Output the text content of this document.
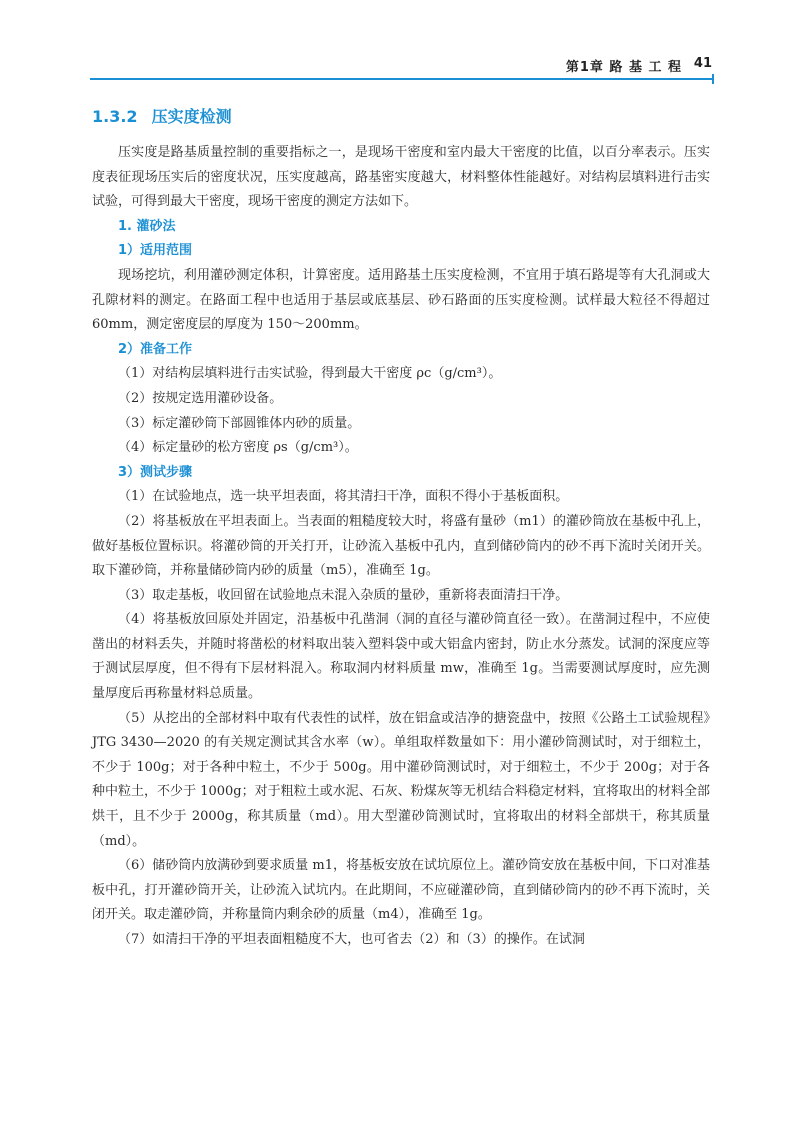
第1章 路 基 工 程 41
1.3.2 压实度检测

压实度是路基质量控制的重要指标之一，是现场干密度和室内最大干密度的比值，以百分率表示。压实度表征现场压实后的密度状况，压实度越高，路基密实度越大，材料整体性能越好。对结构层填料进行击实试验，可得到最大干密度，现场干密度的测定方法如下。

1. 灌砂法
1）适用范围

现场挖坑，利用灌砂测定体积，计算密度。适用路基土压实度检测，不宜用于填石路堤等有大孔洞或大孔隙材料的测定。在路面工程中也适用于基层或底基层、砂石路面的压实度检测。试样最大粒径不得超过 60mm，测定密度层的厚度为 150～200mm。

2）准备工作

（1）对结构层填料进行击实试验，得到最大干密度 ρc（g/cm³）。

（2）按规定选用灌砂设备。

（3）标定灌砂筒下部圆锥体内砂的质量。

（4）标定量砂的松方密度 ρs（g/cm³）。

3）测试步骤

（1）在试验地点，选一块平坦表面，将其清扫干净，面积不得小于基板面积。

（2）将基板放在平坦表面上。当表面的粗糙度较大时，将盛有量砂（m1）的灌砂筒放在基板中孔上，做好基板位置标识。将灌砂筒的开关打开，让砂流入基板中孔内，直到储砂筒内的砂不再下流时关闭开关。取下灌砂筒，并称量储砂筒内砂的质量（m5），准确至 1g。

（3）取走基板，收回留在试验地点未混入杂质的量砂，重新将表面清扫干净。

（4）将基板放回原处并固定，沿基板中孔凿洞（洞的直径与灌砂筒直径一致）。在凿洞过程中，不应使凿出的材料丢失，并随时将凿松的材料取出装入塑料袋中或大铝盒内密封，防止水分蒸发。试洞的深度应等于测试层厚度，但不得有下层材料混入。称取洞内材料质量 mw，准确至 1g。当需要测试厚度时，应先测量厚度后再称量材料总质量。

（5）从挖出的全部材料中取有代表性的试样，放在铝盒或洁净的搪瓷盘中，按照《公路土工试验规程》JTG 3430—2020 的有关规定测试其含水率（w）。单组取样数量如下：用小灌砂筒测试时，对于细粒土，不少于 100g；对于各种中粒土，不少于 500g。用中灌砂筒测试时，对于细粒土，不少于 200g；对于各种中粒土，不少于 1000g；对于粗粒土或水泥、石灰、粉煤灰等无机结合料稳定材料，宜将取出的材料全部烘干，且不少于 2000g，称其质量（md）。用大型灌砂筒测试时，宜将取出的材料全部烘干，称其质量（md）。

（6）储砂筒内放满砂到要求质量 m1，将基板安放在试坑原位上。灌砂筒安放在基板中间，下口对准基板中孔，打开灌砂筒开关，让砂流入试坑内。在此期间，不应碰灌砂筒，直到储砂筒内的砂不再下流时，关闭开关。取走灌砂筒，并称量筒内剩余砂的质量（m4），准确至 1g。

（7）如清扫干净的平坦表面粗糙度不大，也可省去（2）和（3）的操作。在试洞
